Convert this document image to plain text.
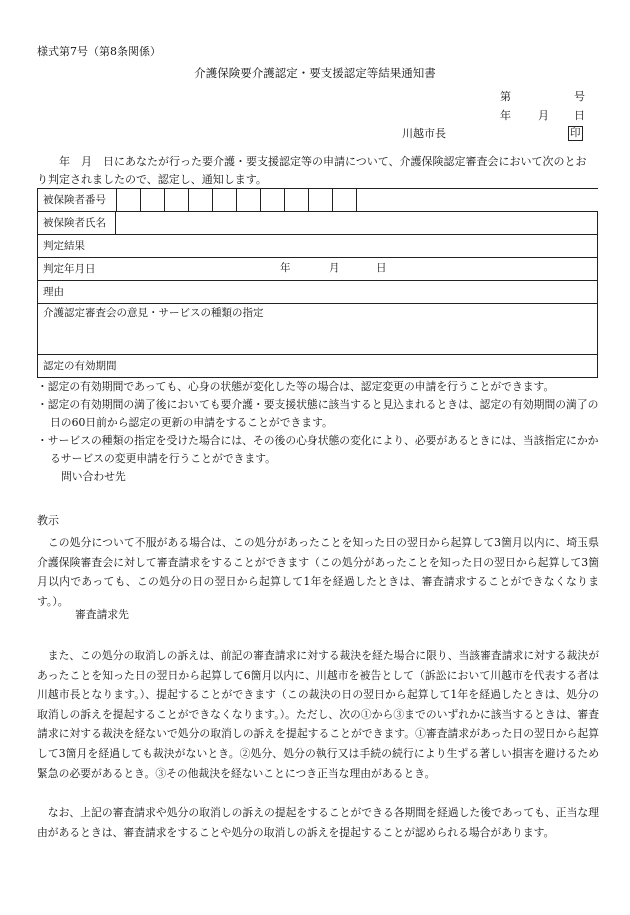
様式第7号（第8条関係）
介護保険要介護認定・要支援認定等結果通知書
第	号
年 月 日
川越市長	印
　　年　月　日にあなたが行った要介護・要支援認定等の申請について、介護保険認定審査会において次のとおり判定されましたので、認定し、通知します。
被保険者番号	

被保険者氏名	
判定結果	
判定年月日 年 月 日	

理由	
介護認定審査会の意見・サービスの種類の指定	
認定の有効期間	
・認定の有効期間であっても、心身の状態が変化した等の場合は、認定変更の申請を行うことができます。
・認定の有効期間の満了後においても要介護・要支援状態に該当すると見込まれるときは、認定の有効期間の満了の日の60日前から認定の更新の申請をすることができます。
・サービスの種類の指定を受けた場合には、その後の心身状態の変化により、必要があるときには、当該指定にかかるサービスの変更申請を行うことができます。
問い合わせ先
教示
　この処分について不服がある場合は、この処分があったことを知った日の翌日から起算して3箇月以内に、埼玉県介護保険審査会に対して審査請求をすることができます（この処分があったことを知った日の翌日から起算して3箇月以内であっても、この処分の日の翌日から起算して1年を経過したときは、審査請求することができなくなります。）。
審査請求先
　また、この処分の取消しの訴えは、前記の審査請求に対する裁決を経た場合に限り、当該審査請求に対する裁決があったことを知った日の翌日から起算して6箇月以内に、川越市を被告として（訴訟において川越市を代表する者は川越市長となります。）、提起することができます（この裁決の日の翌日から起算して1年を経過したときは、処分の取消しの訴えを提起することができなくなります。）。ただし、次の①から③までのいずれかに該当するときは、審査請求に対する裁決を経ないで処分の取消しの訴えを提起することができます。①審査請求があった日の翌日から起算して3箇月を経過しても裁決がないとき。②処分、処分の執行又は手続の続行により生ずる著しい損害を避けるため緊急の必要があるとき。③その他裁決を経ないことにつき正当な理由があるとき。
　なお、上記の審査請求や処分の取消しの訴えの提起をすることができる各期間を経過した後であっても、正当な理由があるときは、審査請求をすることや処分の取消しの訴えを提起することが認められる場合があります。
